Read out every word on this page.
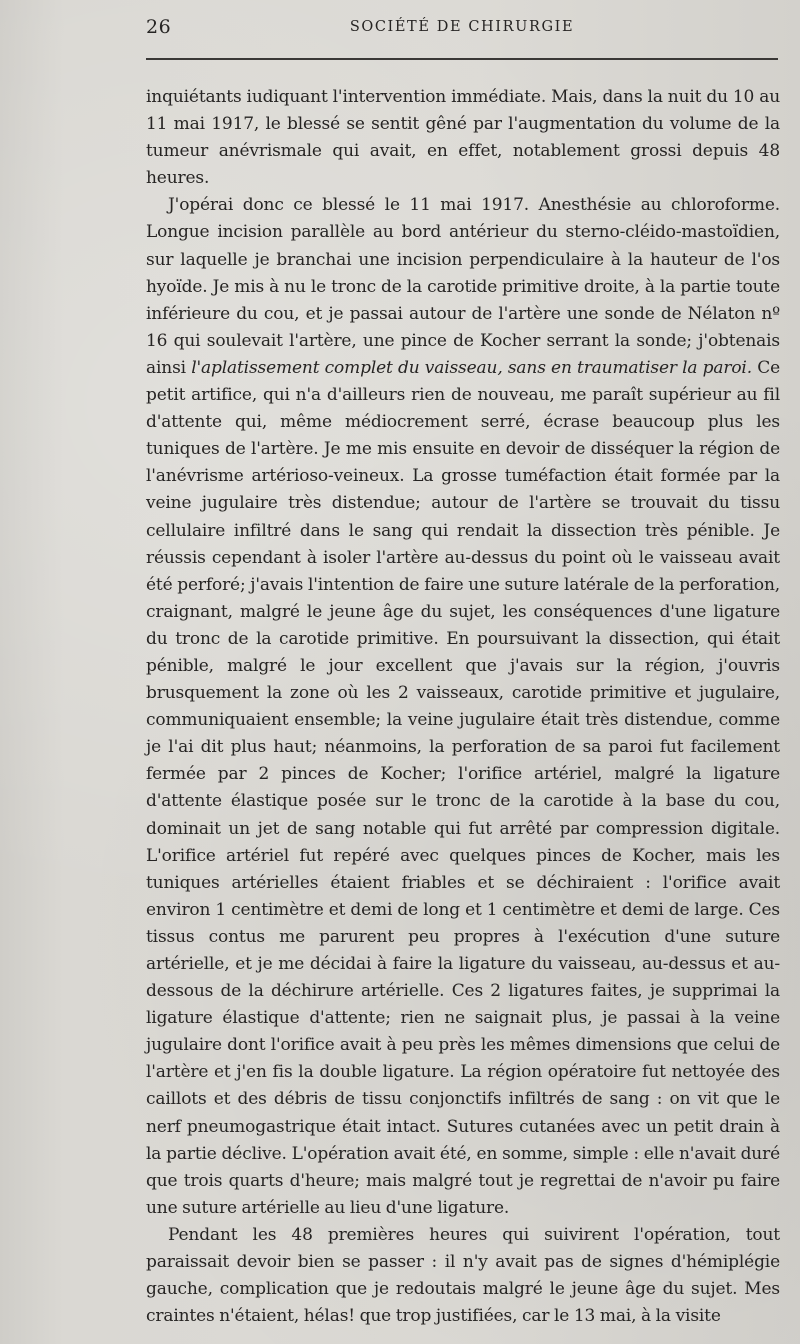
26	SOCIÉTÉ DE CHIRURGIE

inquiétants iudiquant l'intervention immédiate. Mais, dans la nuit du 10 au 11 mai 1917, le blessé se sentit gêné par l'augmentation du volume de la tumeur anévrismale qui avait, en effet, notablement grossi depuis 48 heures.

J'opérai donc ce blessé le 11 mai 1917. Anesthésie au chloroforme. Longue incision parallèle au bord antérieur du sterno-cléido-mastoïdien, sur laquelle je branchai une incision perpendiculaire à la hauteur de l'os hyoïde. Je mis à nu le tronc de la carotide primitive droite, à la partie toute inférieure du cou, et je passai autour de l'artère une sonde de Nélaton nº 16 qui soulevait l'artère, une pince de Kocher serrant la sonde; j'obtenais ainsi l'aplatissement complet du vaisseau, sans en traumatiser la paroi. Ce petit artifice, qui n'a d'ailleurs rien de nouveau, me paraît supérieur au fil d'attente qui, même médiocrement serré, écrase beaucoup plus les tuniques de l'artère. Je me mis ensuite en devoir de disséquer la région de l'anévrisme artérioso-veineux. La grosse tuméfaction était formée par la veine jugulaire très distendue; autour de l'artère se trouvait du tissu cellulaire infiltré dans le sang qui rendait la dissection très pénible. Je réussis cependant à isoler l'artère au-dessus du point où le vaisseau avait été perforé; j'avais l'intention de faire une suture latérale de la perforation, craignant, malgré le jeune âge du sujet, les conséquences d'une ligature du tronc de la carotide primitive. En poursuivant la dissection, qui était pénible, malgré le jour excellent que j'avais sur la région, j'ouvris brusquement la zone où les 2 vaisseaux, carotide primitive et jugulaire, communiquaient ensemble; la veine jugulaire était très distendue, comme je l'ai dit plus haut; néanmoins, la perforation de sa paroi fut facilement fermée par 2 pinces de Kocher; l'orifice artériel, malgré la ligature d'attente élastique posée sur le tronc de la carotide à la base du cou, dominait un jet de sang notable qui fut arrêté par compression digitale. L'orifice artériel fut repéré avec quelques pinces de Kocher, mais les tuniques artérielles étaient friables et se déchiraient : l'orifice avait environ 1 centimètre et demi de long et 1 centimètre et demi de large. Ces tissus contus me parurent peu propres à l'exécution d'une suture artérielle, et je me décidai à faire la ligature du vaisseau, au-dessus et au-dessous de la déchirure artérielle. Ces 2 ligatures faites, je supprimai la ligature élastique d'attente; rien ne saignait plus, je passai à la veine jugulaire dont l'orifice avait à peu près les mêmes dimensions que celui de l'artère et j'en fis la double ligature. La région opératoire fut nettoyée des caillots et des débris de tissu conjonctifs infiltrés de sang : on vit que le nerf pneumogastrique était intact. Sutures cutanées avec un petit drain à la partie déclive. L'opération avait été, en somme, simple : elle n'avait duré que trois quarts d'heure; mais malgré tout je regrettai de n'avoir pu faire une suture artérielle au lieu d'une ligature.

Pendant les 48 premières heures qui suivirent l'opération, tout paraissait devoir bien se passer : il n'y avait pas de signes d'hémiplégie gauche, complication que je redoutais malgré le jeune âge du sujet. Mes craintes n'étaient, hélas! que trop justifiées, car le 13 mai, à la visite
